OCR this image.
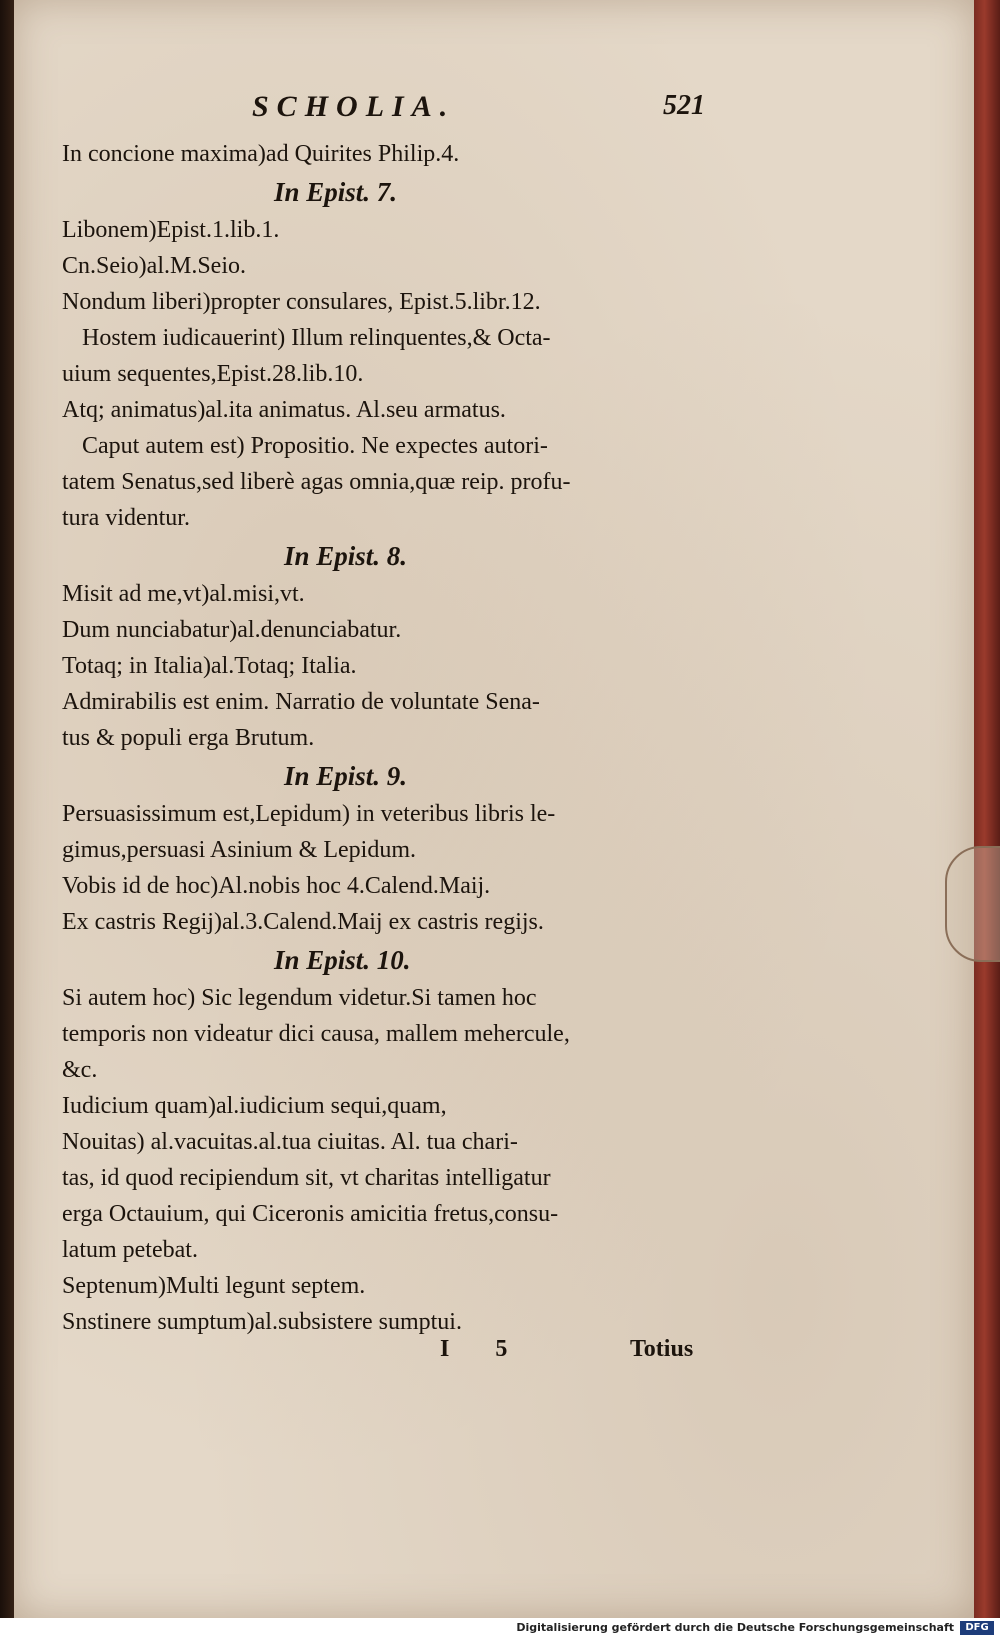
SCHOLIA.	521
In concione maxima)ad Quirites Philip.4.
In Epist. 7.
Libonem)Epist.1.lib.1.
Cn.Seio)al.M.Seio.
Nondum liberi)propter consulares, Epist.5.libr.12.
Hostem iudicauerint) Illum relinquentes,& Octa-
uium sequentes,Epist.28.lib.10.
Atq; animatus)al.ita animatus. Al.seu armatus.
Caput autem est) Propositio. Ne expectes autori-
tatem Senatus,sed liberè agas omnia,quæ reip. profu-
tura videntur.
In Epist. 8.
Misit ad me,vt)al.misi,vt.
Dum nunciabatur)al.denunciabatur.
Totaq; in Italia)al.Totaq; Italia.
Admirabilis est enim. Narratio de voluntate Sena-
tus & populi erga Brutum.
In Epist. 9.
Persuasissimum est,Lepidum) in veteribus libris le-
gimus,persuasi Asinium & Lepidum.
Vobis id de hoc)Al.nobis hoc 4.Calend.Maij.
Ex castris Regij)al.3.Calend.Maij ex castris regijs.
In Epist. 10.
Si autem hoc) Sic legendum videtur.Si tamen hoc
temporis non videatur dici causa, mallem mehercule,
&c.
Iudicium quam)al.iudicium sequi,quam,
Nouitas) al.vacuitas.al.tua ciuitas. Al. tua chari-
tas, id quod recipiendum sit, vt charitas intelligatur
erga Octauium, qui Ciceronis amicitia fretus,consu-
latum petebat.
Septenum)Multi legunt septem.
Snstinere sumptum)al.subsistere sumptui.
I 5	Totius
Digitalisierung gefördert durch die Deutsche Forschungsgemeinschaft	DFG
